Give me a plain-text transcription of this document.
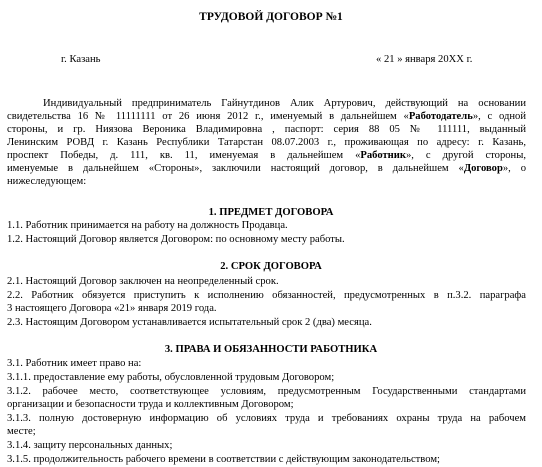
ТРУДОВОЙ ДОГОВОР №1
г. Казань	« 21 » января 20XX г.
Индивидуальный предприниматель Гайнутдинов Алик Артурович, действующий на основании
свидетельства 16 № 11111111 от 26 июня 2012 г., именуемый в дальнейшем «Работодатель», с одной
стороны, и гр. Ниязова Вероника Владимировна , паспорт: серия 88 05 № 111111, выданный
Ленинским РОВД г. Казань Республики Татарстан 08.07.2003 г., проживающая по адресу: г. Казань,
проспект Победы, д. 111, кв. 11, именуемая в дальнейшем «Работник», с другой стороны,
именуемые в дальнейшем «Стороны», заключили настоящий договор, в дальнейшем «Договор», о
нижеследующем:
1. ПРЕДМЕТ ДОГОВОРА
1.1. Работник принимается на работу на должность Продавца.
1.2. Настоящий Договор является Договором: по основному месту работы.
2. СРОК ДОГОВОРА
2.1. Настоящий Договор заключен на неопределенный срок.
2.2. Работник обязуется приступить к исполнению обязанностей, предусмотренных в п.3.2. параграфа
3 настоящего Договора «21» января 2019 года.
2.3. Настоящим Договором устанавливается испытательный срок 2 (два) месяца.
3. ПРАВА И ОБЯЗАННОСТИ РАБОТНИКА
3.1. Работник имеет право на:
3.1.1. предоставление ему работы, обусловленной трудовым Договором;
3.1.2. рабочее место, соответствующее условиям, предусмотренным Государственными стандартами
организации и безопасности труда и коллективным Договором;
3.1.3. полную достоверную информацию об условиях труда и требованиях охраны труда на рабочем
месте;
3.1.4. защиту персональных данных;
3.1.5. продолжительность рабочего времени в соответствии с действующим законодательством;
